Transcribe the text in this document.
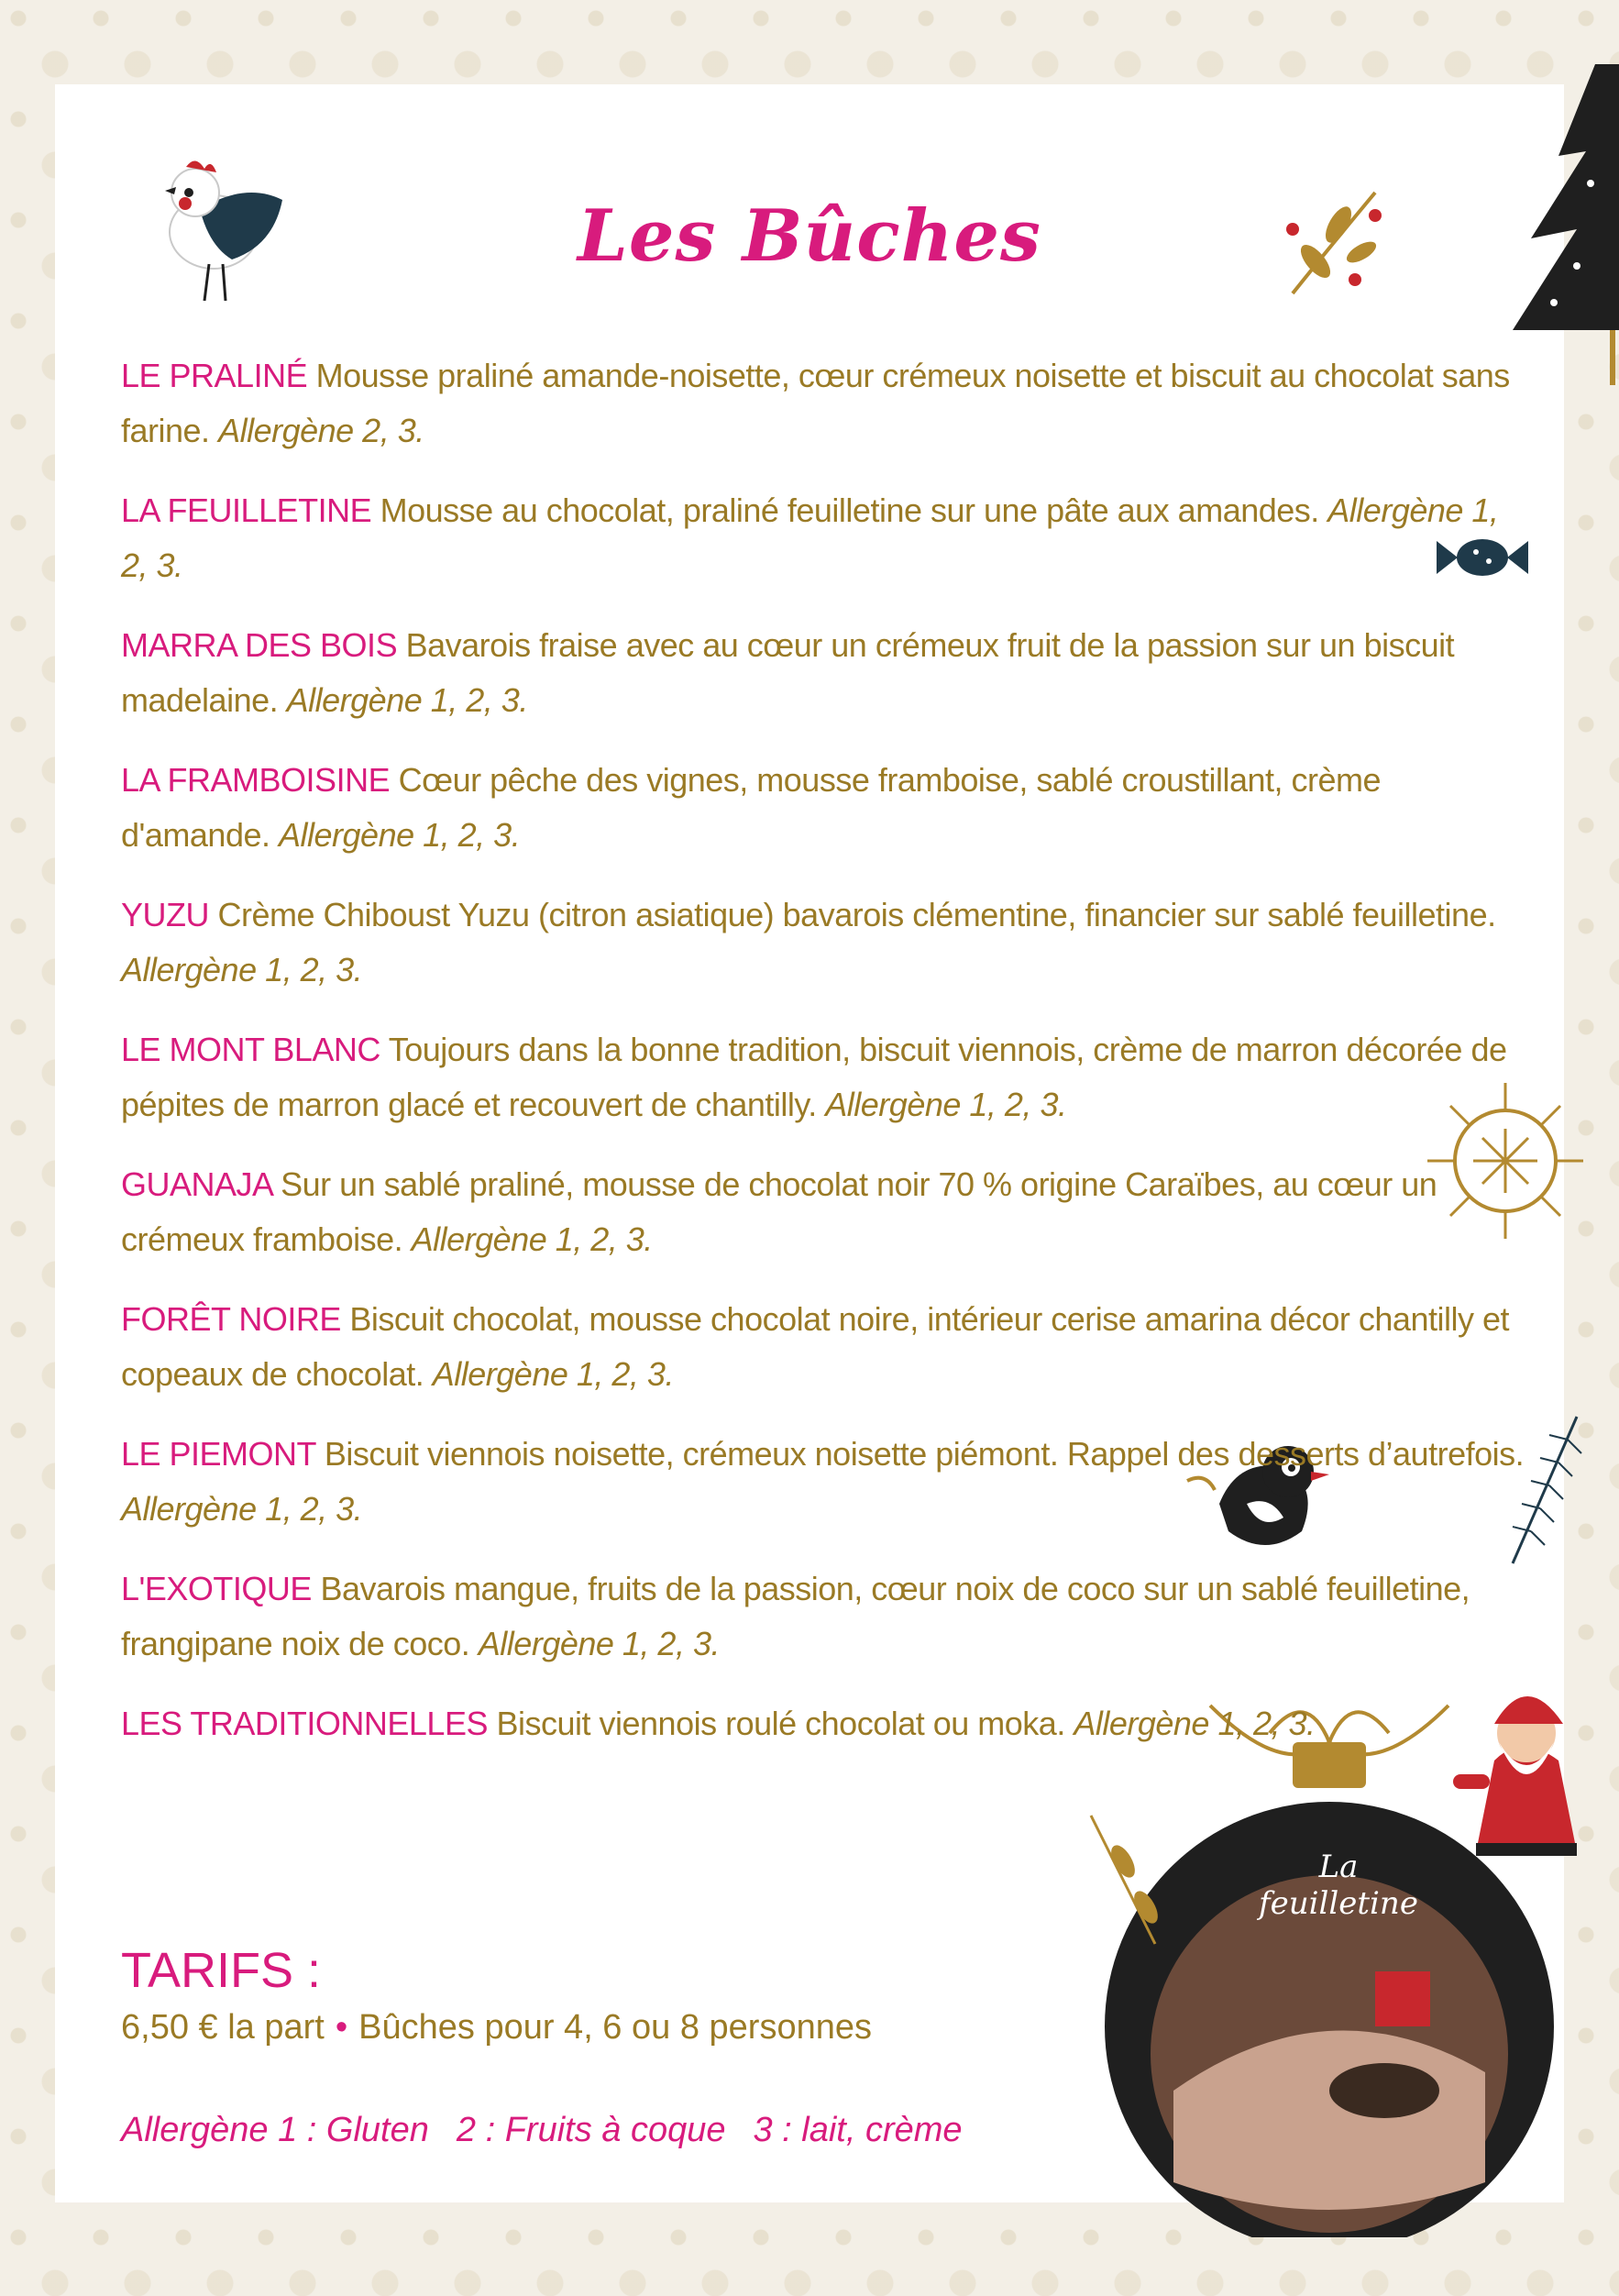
Les Bûches
La feuilletine

LE PRALINÉ Mousse praliné amande-noisette, cœur crémeux noisette et biscuit au chocolat sans farine. Allergène 2, 3.

LA FEUILLETINE Mousse au chocolat, praliné feuilletine sur une pâte aux amandes. Allergène 1, 2, 3.

MARRA DES BOIS Bavarois fraise avec au cœur un crémeux fruit de la passion sur un biscuit madelaine. Allergène 1, 2, 3.

LA FRAMBOISINE Cœur pêche des vignes, mousse framboise, sablé croustillant, crème d'amande. Allergène 1, 2, 3.

YUZU Crème Chiboust Yuzu (citron asiatique) bavarois clémentine, financier sur sablé feuilletine. Allergène 1, 2, 3.

LE MONT BLANC Toujours dans la bonne tradition, biscuit viennois, crème de marron décorée de pépites de marron glacé et recouvert de chantilly. Allergène 1, 2, 3.

GUANAJA Sur un sablé praliné, mousse de chocolat noir 70 % origine Caraïbes, au cœur un crémeux framboise. Allergène 1, 2, 3.

FORÊT NOIRE Biscuit chocolat, mousse chocolat noire, intérieur cerise amarina décor chantilly et copeaux de chocolat. Allergène 1, 2, 3.

LE PIEMONT Biscuit viennois noisette, crémeux noisette piémont. Rappel des desserts d’autrefois. Allergène 1, 2, 3.

L'EXOTIQUE Bavarois mangue, fruits de la passion, cœur noix de coco sur un sablé feuilletine, frangipane noix de coco. Allergène 1, 2, 3.

LES TRADITIONNELLES Biscuit viennois roulé chocolat ou moka. Allergène 1, 2, 3.

TARIFS :
6,50 € la part • Bûches pour 4, 6 ou 8 personnes
Allergène 1 : Gluten 2 : Fruits à coque 3 : lait, crème
